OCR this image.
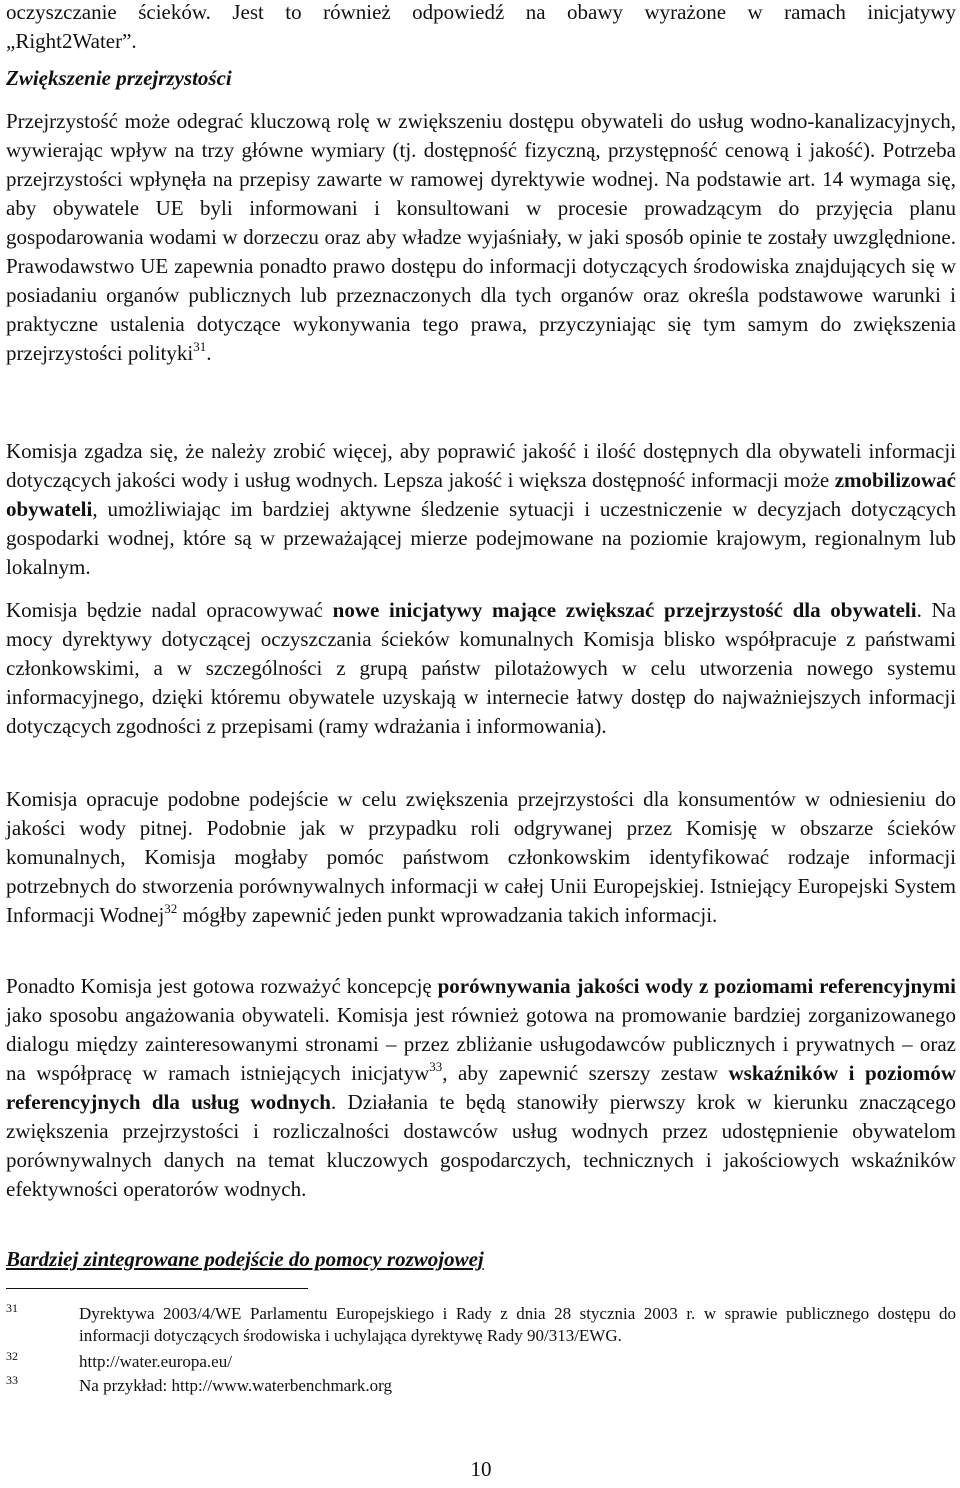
oczyszczanie ścieków. Jest to również odpowiedź na obawy wyrażone w ramach inicjatywy

„Right2Water”.

Zwiększenie przejrzystości

Przejrzystość może odegrać kluczową rolę w zwiększeniu dostępu obywateli do usług wodno-kanalizacyjnych, wywierając wpływ na trzy główne wymiary (tj. dostępność fizyczną, przystępność cenową i jakość). Potrzeba przejrzystości wpłynęła na przepisy zawarte w ramowej dyrektywie wodnej. Na podstawie art. 14 wymaga się, aby obywatele UE byli informowani i konsultowani w procesie prowadzącym do przyjęcia planu gospodarowania wodami w dorzeczu oraz aby władze wyjaśniały, w jaki sposób opinie te zostały uwzględnione. Prawodawstwo UE zapewnia ponadto prawo dostępu do informacji dotyczących środowiska znajdujących się w posiadaniu organów publicznych lub przeznaczonych dla tych organów oraz określa podstawowe warunki i praktyczne ustalenia dotyczące wykonywania tego prawa, przyczyniając się tym samym do zwiększenia przejrzystości polityki$^{31}$.

Komisja zgadza się, że należy zrobić więcej, aby poprawić jakość i ilość dostępnych dla obywateli informacji dotyczących jakości wody i usług wodnych. Lepsza jakość i większa dostępność informacji może zmobilizować obywateli, umożliwiając im bardziej aktywne śledzenie sytuacji i uczestniczenie w decyzjach dotyczących gospodarki wodnej, które są w przeważającej mierze podejmowane na poziomie krajowym, regionalnym lub lokalnym.

Komisja będzie nadal opracowywać nowe inicjatywy mające zwiększać przejrzystość dla obywateli. Na mocy dyrektywy dotyczącej oczyszczania ścieków komunalnych Komisja blisko współpracuje z państwami członkowskimi, a w szczególności z grupą państw pilotażowych w celu utworzenia nowego systemu informacyjnego, dzięki któremu obywatele uzyskają w internecie łatwy dostęp do najważniejszych informacji dotyczących zgodności z przepisami (ramy wdrażania i informowania).

Komisja opracuje podobne podejście w celu zwiększenia przejrzystości dla konsumentów w odniesieniu do jakości wody pitnej. Podobnie jak w przypadku roli odgrywanej przez Komisję w obszarze ścieków komunalnych, Komisja mogłaby pomóc państwom członkowskim identyfikować rodzaje informacji potrzebnych do stworzenia porównywalnych informacji w całej Unii Europejskiej. Istniejący Europejski System Informacji Wodnej$^{32}$ mógłby zapewnić jeden punkt wprowadzania takich informacji.

Ponadto Komisja jest gotowa rozważyć koncepcję porównywania jakości wody z poziomami referencyjnymi jako sposobu angażowania obywateli. Komisja jest również gotowa na promowanie bardziej zorganizowanego dialogu między zainteresowanymi stronami – przez zbliżanie usługodawców publicznych i prywatnych – oraz na współpracę w ramach istniejących inicjatyw$^{33}$, aby zapewnić szerszy zestaw wskaźników i poziomów referencyjnych dla usług wodnych. Działania te będą stanowiły pierwszy krok w kierunku znaczącego zwiększenia przejrzystości i rozliczalności dostawców usług wodnych przez udostępnienie obywatelom porównywalnych danych na temat kluczowych gospodarczych, technicznych i jakościowych wskaźników efektywności operatorów wodnych.

Bardziej zintegrowane podejście do pomocy rozwojowej
31	Dyrektywa 2003/4/WE Parlamentu Europejskiego i Rady z dnia 28 stycznia 2003 r. w sprawie publicznego dostępu do informacji dotyczących środowiska i uchylająca dyrektywę Rady 90/313/EWG.
32	http://water.europa.eu/
33	Na przykład: http://www.waterbenchmark.org
10
